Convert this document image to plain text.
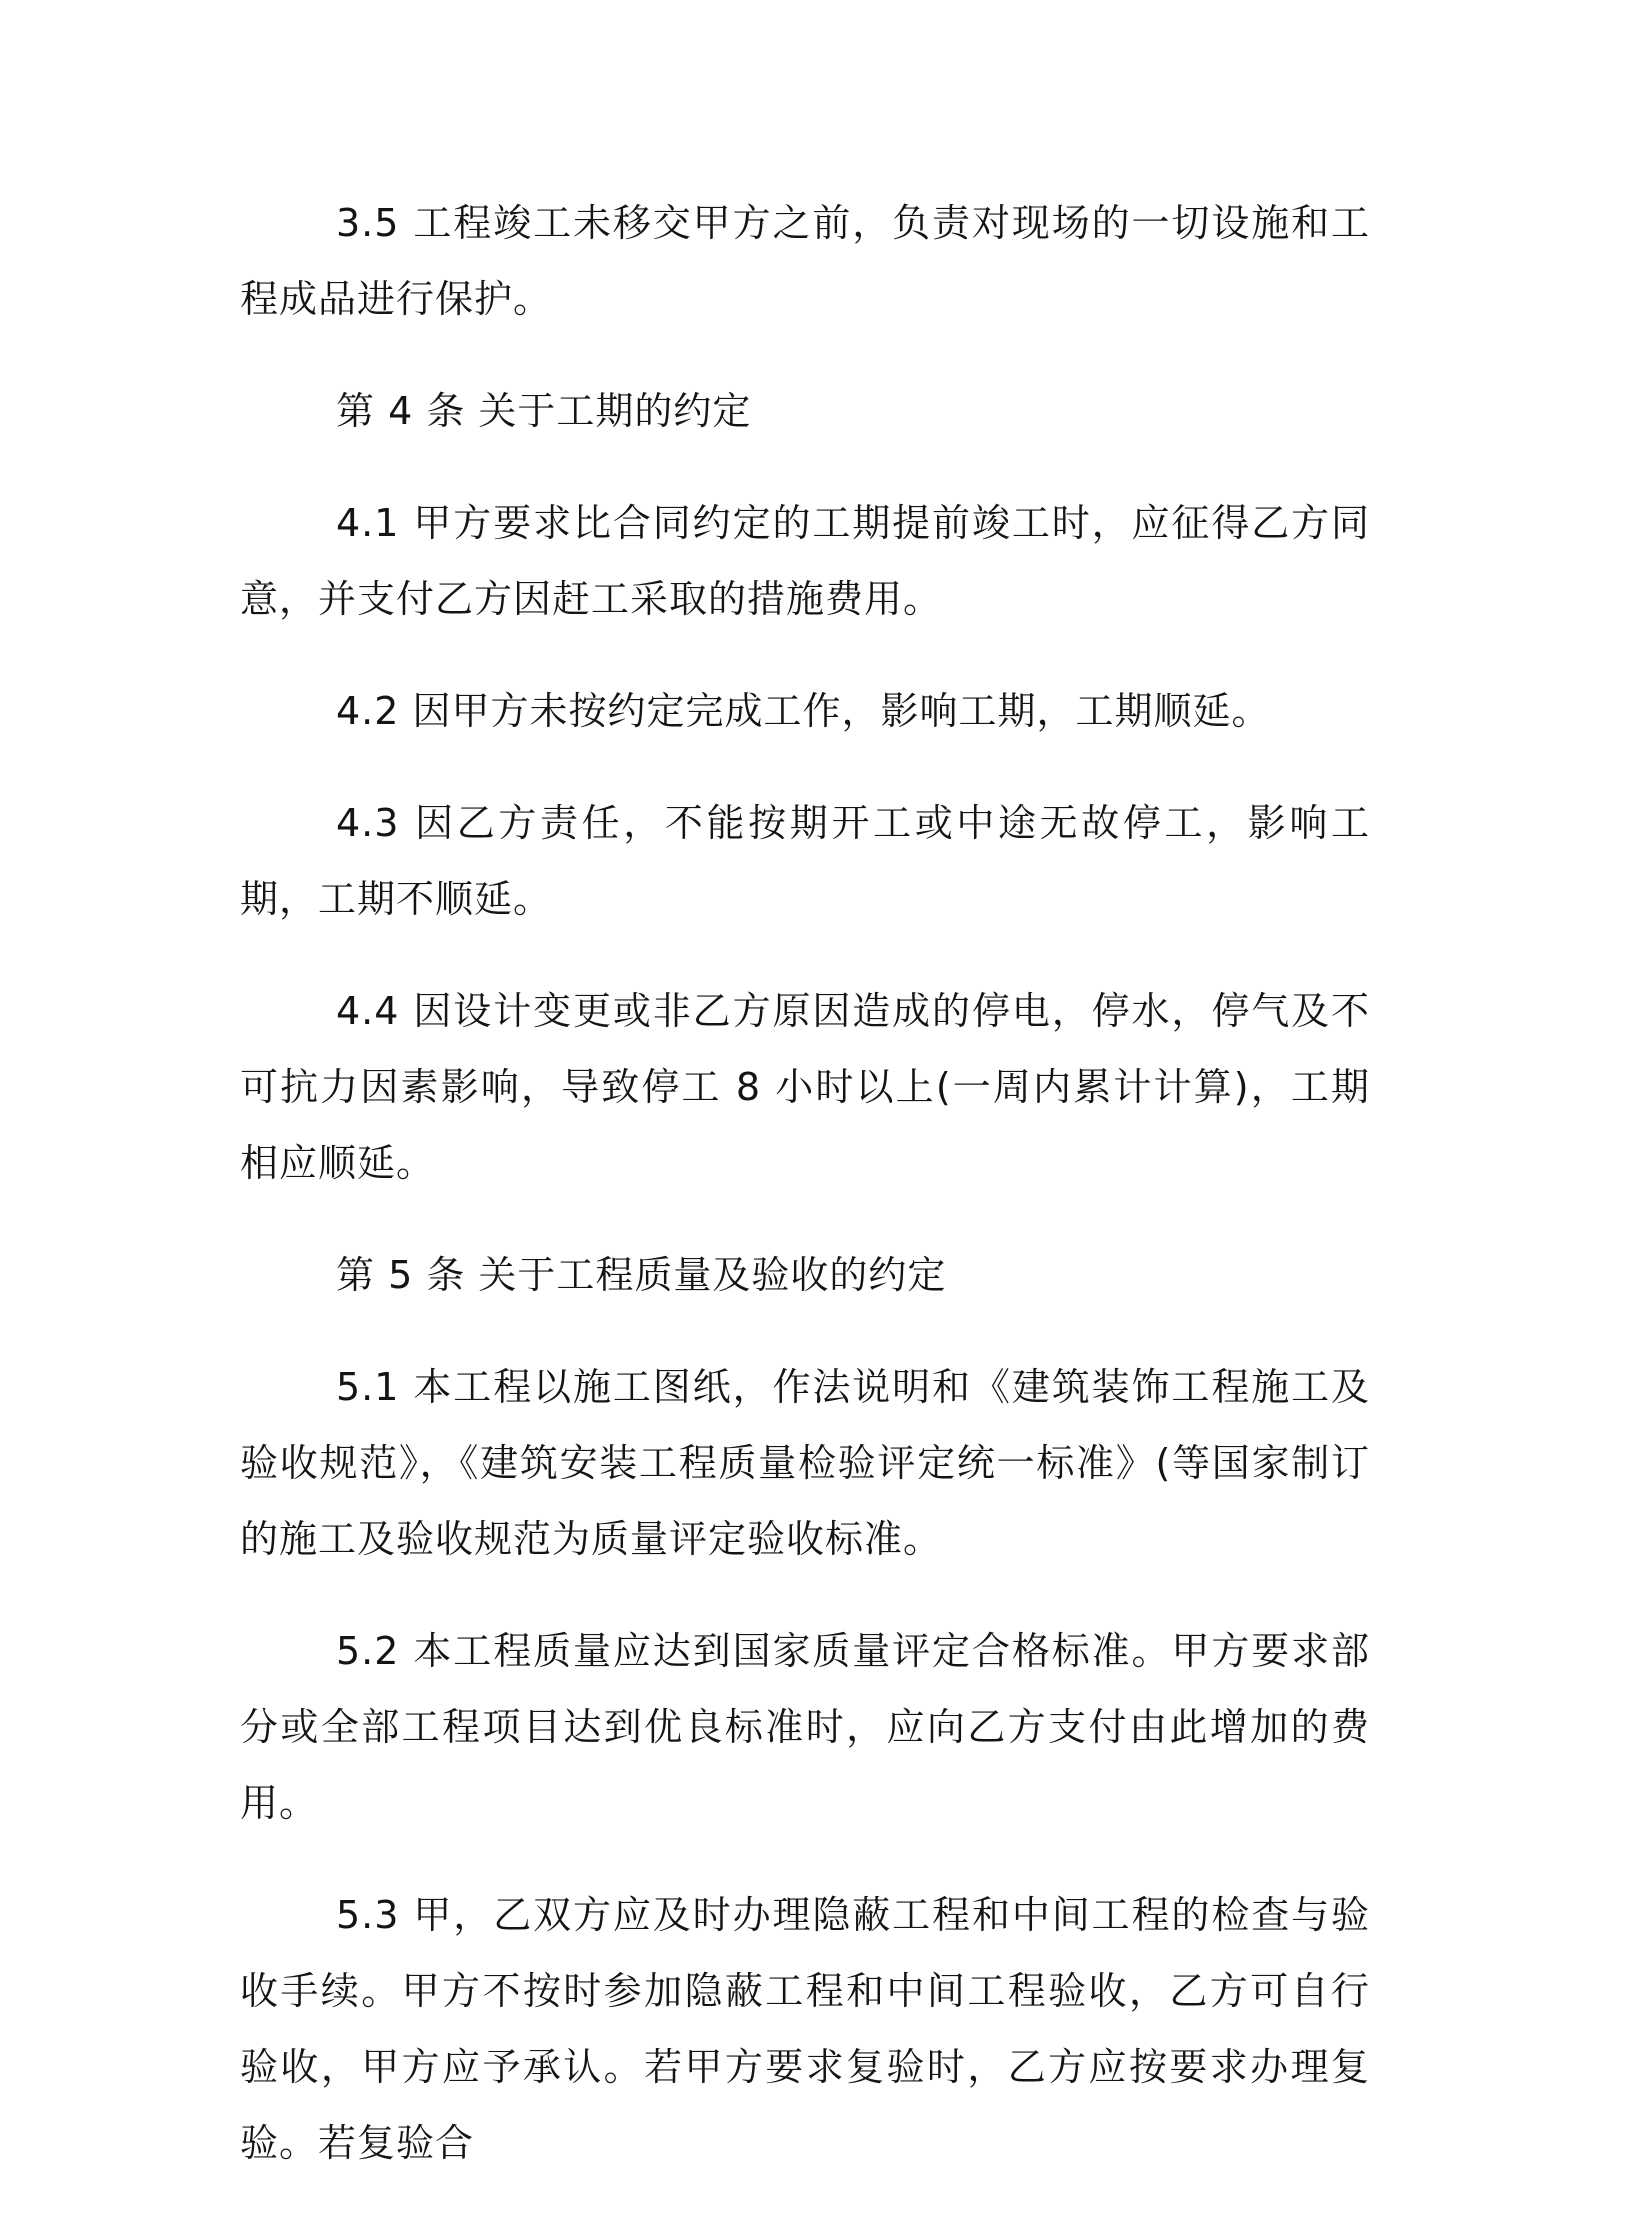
3.5 工程竣工未移交甲方之前，负责对现场的一切设施和工程成品进行保护。

第 4 条 关于工期的约定

4.1 甲方要求比合同约定的工期提前竣工时，应征得乙方同意，并支付乙方因赶工采取的措施费用。

4.2 因甲方未按约定完成工作，影响工期，工期顺延。

4.3 因乙方责任，不能按期开工或中途无故停工，影响工期，工期不顺延。

4.4 因设计变更或非乙方原因造成的停电，停水，停气及不可抗力因素影响，导致停工 8 小时以上(一周内累计计算)，工期相应顺延。

第 5 条 关于工程质量及验收的约定

5.1 本工程以施工图纸，作法说明和《建筑装饰工程施工及验收规范》，《建筑安装工程质量检验评定统一标准》(等国家制订的施工及验收规范为质量评定验收标准。

5.2 本工程质量应达到国家质量评定合格标准。甲方要求部分或全部工程项目达到优良标准时，应向乙方支付由此增加的费用。

5.3 甲，乙双方应及时办理隐蔽工程和中间工程的检查与验收手续。甲方不按时参加隐蔽工程和中间工程验收，乙方可自行验收，甲方应予承认。若甲方要求复验时，乙方应按要求办理复验。若复验合
